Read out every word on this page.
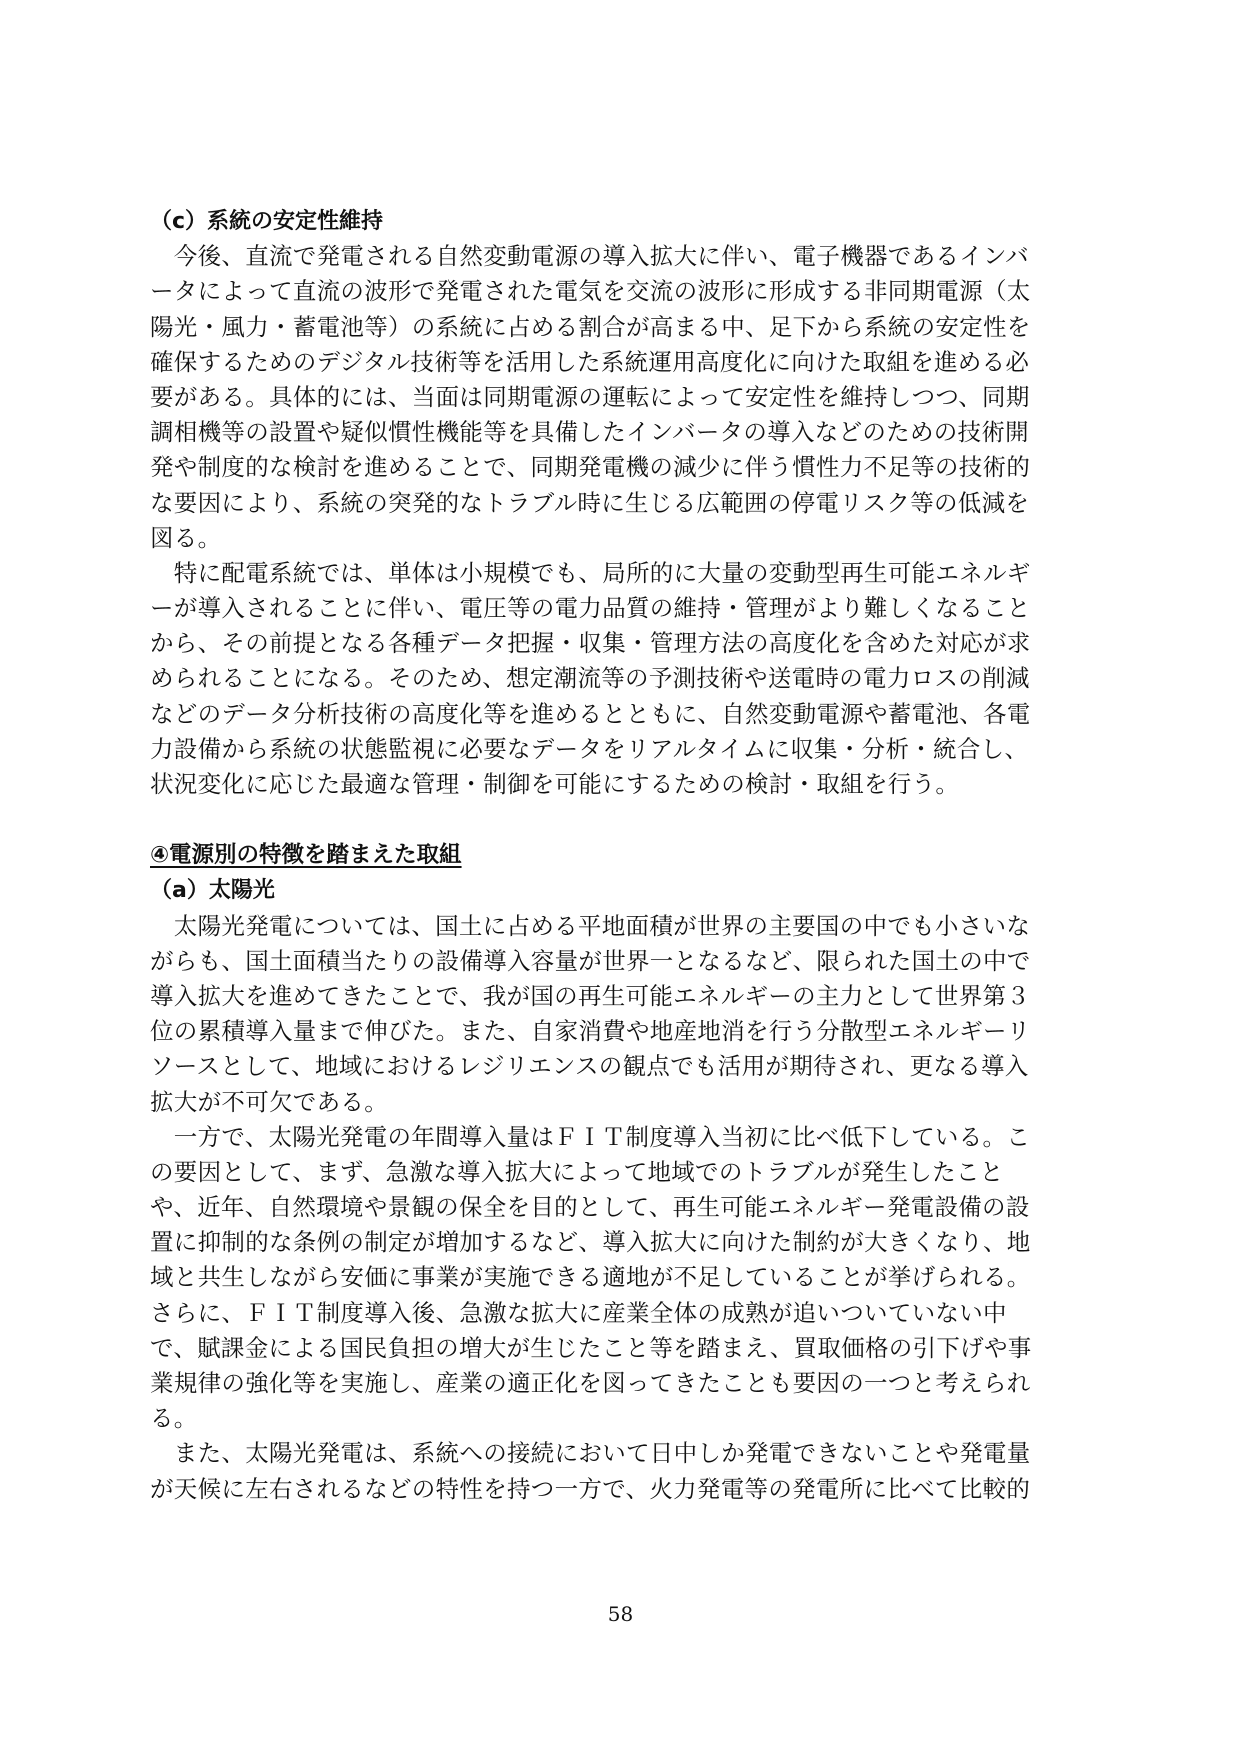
（c）系統の安定性維持
　今後、直流で発電される自然変動電源の導入拡大に伴い、電子機器であるインバ
ータによって直流の波形で発電された電気を交流の波形に形成する非同期電源（太
陽光・風力・蓄電池等）の系統に占める割合が高まる中、足下から系統の安定性を
確保するためのデジタル技術等を活用した系統運用高度化に向けた取組を進める必
要がある。具体的には、当面は同期電源の運転によって安定性を維持しつつ、同期
調相機等の設置や疑似慣性機能等を具備したインバータの導入などのための技術開
発や制度的な検討を進めることで、同期発電機の減少に伴う慣性力不足等の技術的
な要因により、系統の突発的なトラブル時に生じる広範囲の停電リスク等の低減を
図る。
　特に配電系統では、単体は小規模でも、局所的に大量の変動型再生可能エネルギ
ーが導入されることに伴い、電圧等の電力品質の維持・管理がより難しくなること
から、その前提となる各種データ把握・収集・管理方法の高度化を含めた対応が求
められることになる。そのため、想定潮流等の予測技術や送電時の電力ロスの削減
などのデータ分析技術の高度化等を進めるとともに、自然変動電源や蓄電池、各電
力設備から系統の状態監視に必要なデータをリアルタイムに収集・分析・統合し、
状況変化に応じた最適な管理・制御を可能にするための検討・取組を行う。
④電源別の特徴を踏まえた取組
（a）太陽光
　太陽光発電については、国土に占める平地面積が世界の主要国の中でも小さいな
がらも、国土面積当たりの設備導入容量が世界一となるなど、限られた国土の中で
導入拡大を進めてきたことで、我が国の再生可能エネルギーの主力として世界第３
位の累積導入量まで伸びた。また、自家消費や地産地消を行う分散型エネルギーリ
ソースとして、地域におけるレジリエンスの観点でも活用が期待され、更なる導入
拡大が不可欠である。
　一方で、太陽光発電の年間導入量はＦＩＴ制度導入当初に比べ低下している。こ
の要因として、まず、急激な導入拡大によって地域でのトラブルが発生したこと
や、近年、自然環境や景観の保全を目的として、再生可能エネルギー発電設備の設
置に抑制的な条例の制定が増加するなど、導入拡大に向けた制約が大きくなり、地
域と共生しながら安価に事業が実施できる適地が不足していることが挙げられる。
さらに、ＦＩＴ制度導入後、急激な拡大に産業全体の成熟が追いついていない中
で、賦課金による国民負担の増大が生じたこと等を踏まえ、買取価格の引下げや事
業規律の強化等を実施し、産業の適正化を図ってきたことも要因の一つと考えられ
る。
　また、太陽光発電は、系統への接続において日中しか発電できないことや発電量
が天候に左右されるなどの特性を持つ一方で、火力発電等の発電所に比べて比較的
58
